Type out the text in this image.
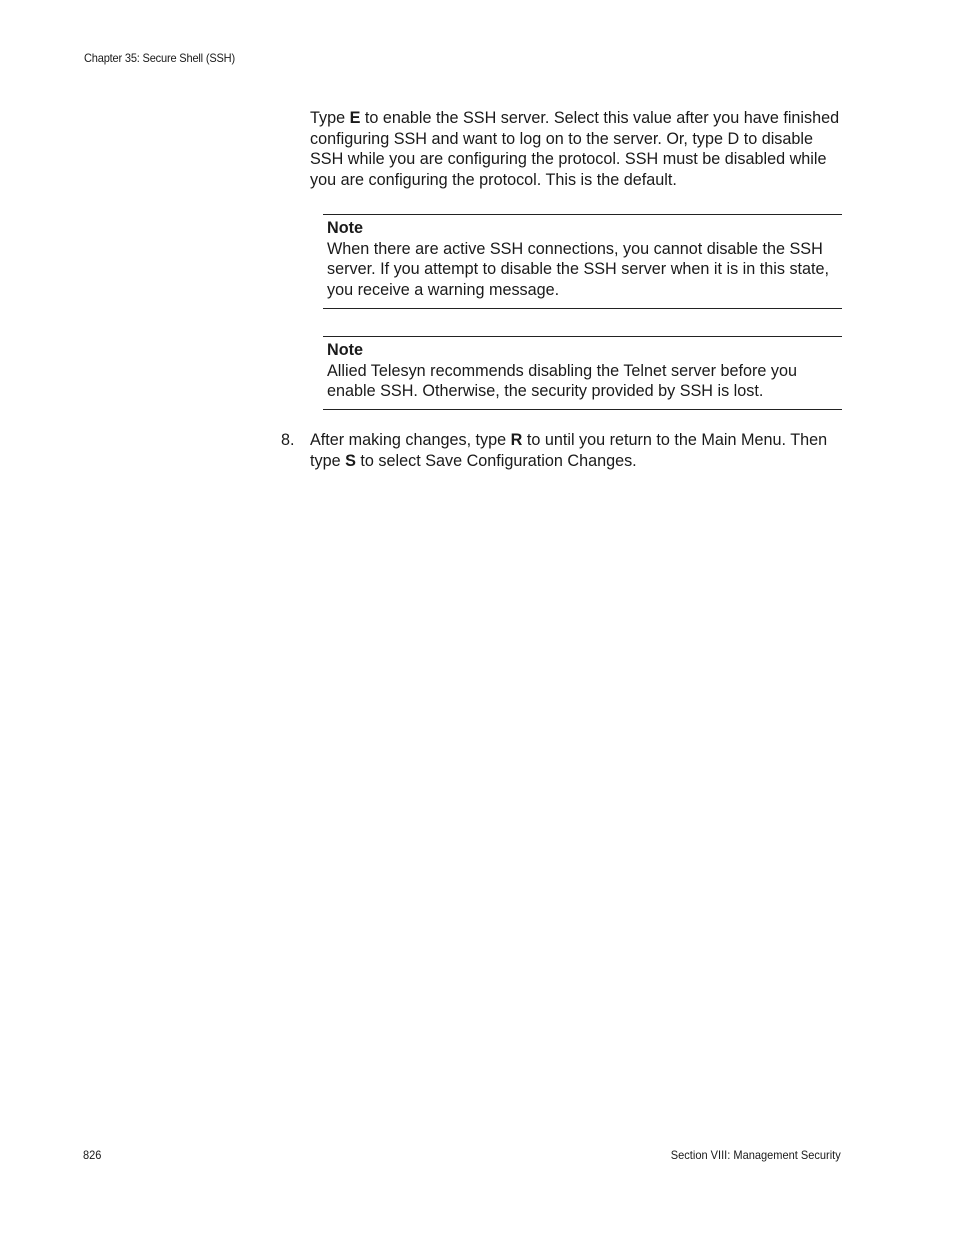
Chapter 35: Secure Shell (SSH)
Type E to enable the SSH server. Select this value after you have finished configuring SSH and want to log on to the server. Or, type D to disable SSH while you are configuring the protocol. SSH must be disabled while you are configuring the protocol. This is the default.
Note
When there are active SSH connections, you cannot disable the SSH server. If you attempt to disable the SSH server when it is in this state, you receive a warning message.
Note
Allied Telesyn recommends disabling the Telnet server before you enable SSH. Otherwise, the security provided by SSH is lost.
8. After making changes, type R to until you return to the Main Menu. Then type S to select Save Configuration Changes.
826	Section VIII: Management Security
